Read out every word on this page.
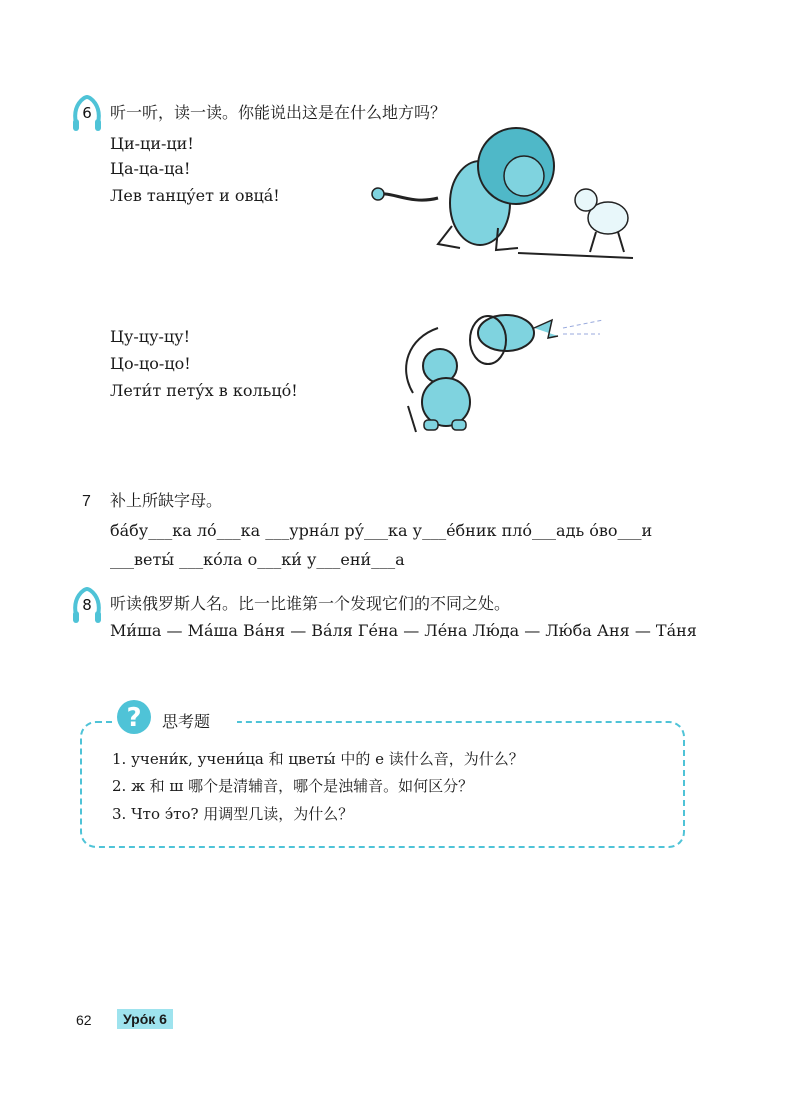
6	听一听，读一读。你能说出这是在什么地方吗？
Ци-ци-ци!
Ца-ца-ца!
Лев танцу́ет и овца́!
Цу-цу-цу!
Цо-цо-цо!
Лети́т пету́х в кольцо́!
7 补上所缺字母。
ба́бу___ка ло́___ка ___урна́л ру́___ка у___е́бник пло́___адь о́во___и
___веты́ ___ко́ла о___ки́ у___ени́___а
8	听读俄罗斯人名。比一比谁第一个发现它们的不同之处。
Ми́ша — Ма́ша Ва́ня — Ва́ля Ге́на — Ле́на Лю́да — Лю́ба Аня — Та́ня
? 思考题
1. учени́к, учени́ца 和 цветы́ 中的 е 读什么音，为什么？
2. ж 和 ш 哪个是清辅音，哪个是浊辅音。如何区分？
3. Что э́то? 用调型几读，为什么？
62	Уро́к 6
